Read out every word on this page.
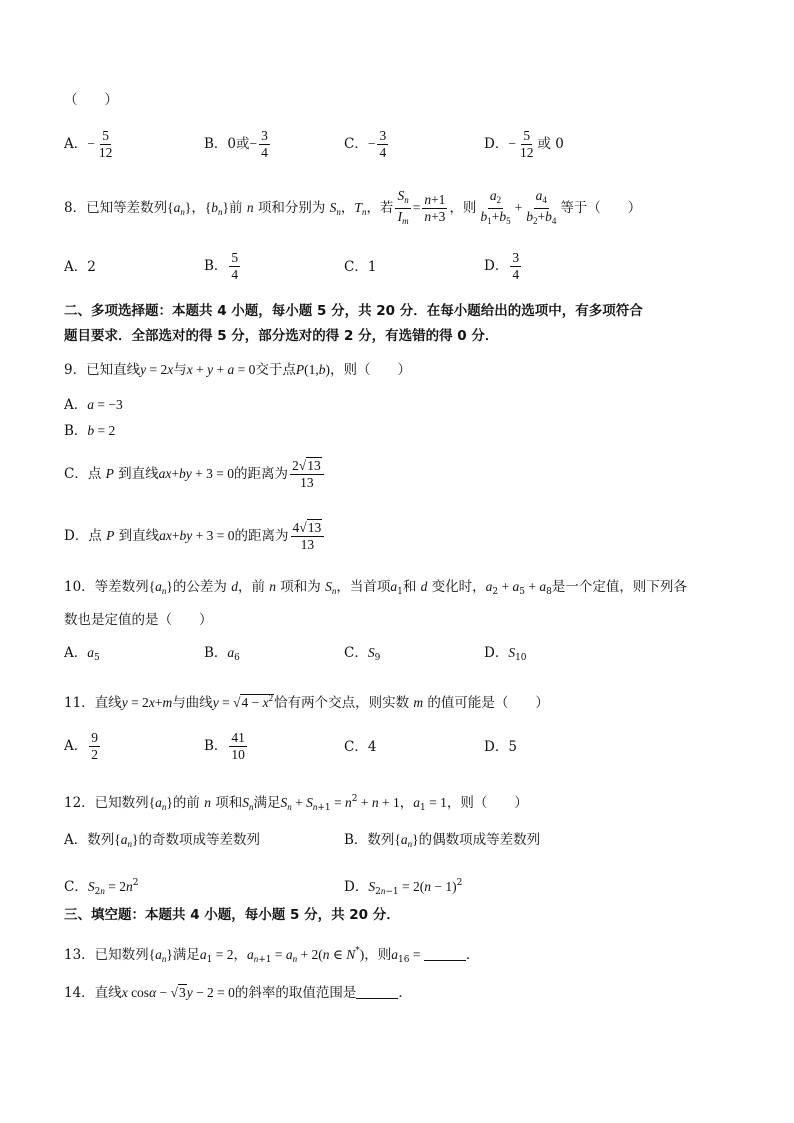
（　　）
A．− $\frac{5}{12}$	B．0或− $\frac{3}{4}$	C．− $\frac{3}{4}$	D．− $\frac{5}{12}$ 或 0
8．已知等差数列$\{a_n\}$，$\{b_n\}$前 n 项和分别为 $S_n$，$T_n$，若 $\frac{S_n}{I_m} = \frac{n+1}{n+3}$ ，则 $\frac{a_2}{b_1+b_5} + \frac{a_4}{b_2+b_4}$ 等于（　　）
A．2	B． $\frac{5}{4}$	C．1	D． $\frac{3}{4}$
二、多项选择题：本题共 4 小题，每小题 5 分，共 20 分．在每小题给出的选项中，有多项符合
题目要求．全部选对的得 5 分，部分选对的得 2 分，有选错的得 0 分．
9．已知直线y = 2x与x + y + a = 0交于点P(1,b)，则（　　）
A．a = −3
B．b = 2
C．点 P 到直线ax+by + 3 = 0的距离为 $\frac{2√13}{13}$
D．点 P 到直线ax+by + 3 = 0的距离为 $\frac{4√13}{13}$
10．等差数列$\{a_n\}$的公差为 d，前 n 项和为 $S_n$，当首项$a_1$和 d 变化时，$a_2 + a_5 + a_8$是一个定值，则下列各
数也是定值的是（　　）
A．$a_5$	B．$a_6$	C．$S_9$	D．$S_{10}$
11．直线y = 2x+m与曲线$y = √4 - x^2$恰有两个交点，则实数 m 的值可能是（　　）
A． $\frac{9}{2}$	B． $\frac{41}{10}$	C．4	D．5
12．已知数列$\{a_n\}$的前 n 项和$S_n$满足$S_n + S_{n+1} = n^2 + n + 1$，$a_1 = 1$，则（　　）
A．数列$\{a_n\}$的奇数项成等差数列	B．数列$\{a_n\}$的偶数项成等差数列
C．$S_{2n} = 2n^2$	D．$S_{2n-1} = 2(n - 1)^2$
三、填空题：本题共 4 小题，每小题 5 分，共 20 分．
13．已知数列$\{a_n\}$满足$a_1 = 2$，$a_{n+1} = a_n + 2(n$ ∈ N*)，则$a_{16}$ =	．
14．直线x cosα − √3y − 2 = 0的斜率的取值范围是	．
